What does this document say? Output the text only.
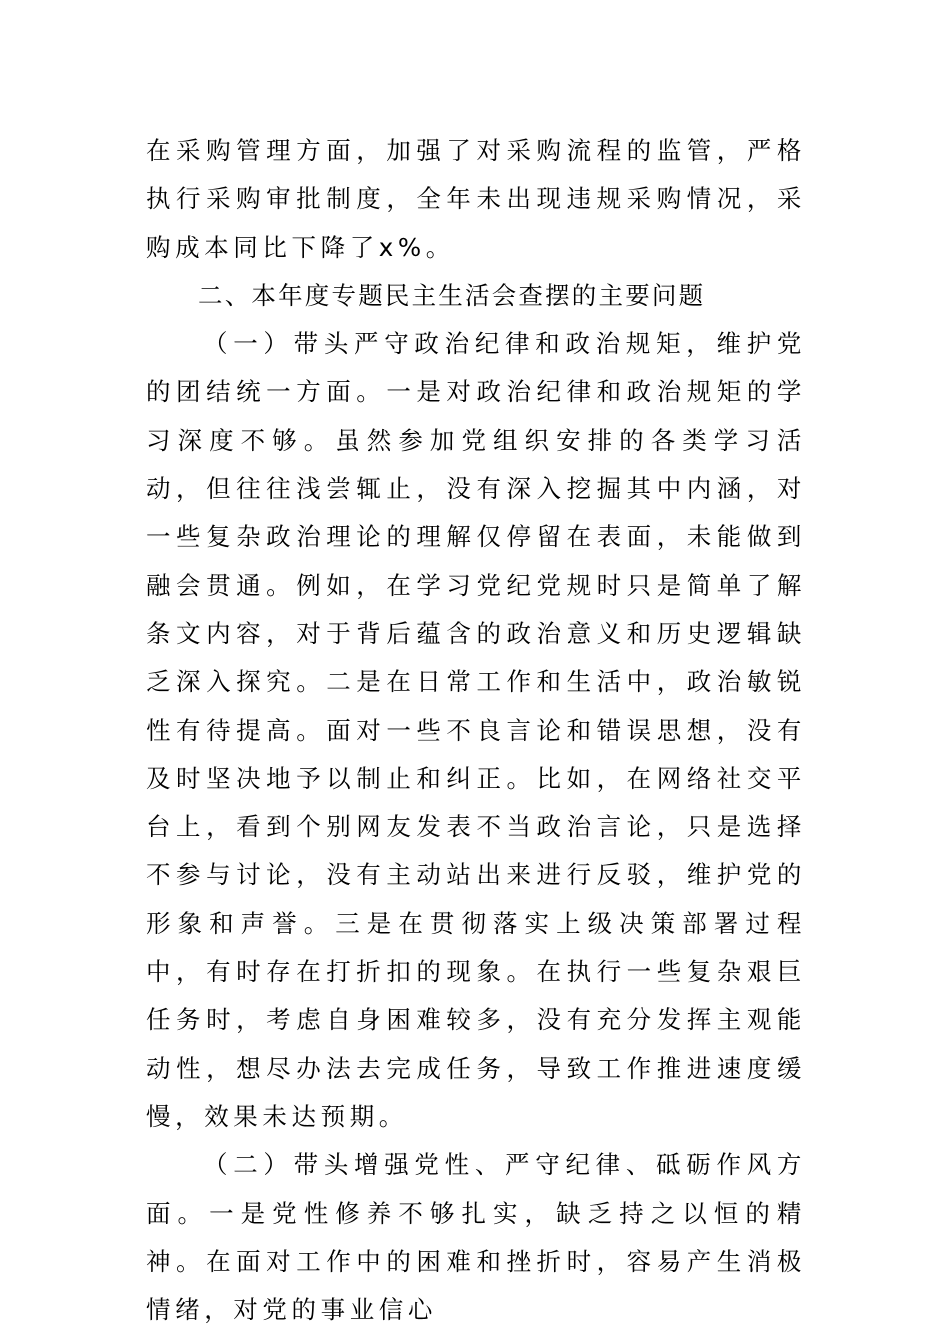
在采购管理方面，加强了对采购流程的监管，严格执行采购审批制度，全年未出现违规采购情况，采购成本同比下降了x%。

二、本年度专题民主生活会查摆的主要问题

（一）带头严守政治纪律和政治规矩，维护党的团结统一方面。一是对政治纪律和政治规矩的学习深度不够。虽然参加党组织安排的各类学习活动，但往往浅尝辄止，没有深入挖掘其中内涵，对一些复杂政治理论的理解仅停留在表面，未能做到融会贯通。例如，在学习党纪党规时只是简单了解条文内容，对于背后蕴含的政治意义和历史逻辑缺乏深入探究。二是在日常工作和生活中，政治敏锐性有待提高。面对一些不良言论和错误思想，没有及时坚决地予以制止和纠正。比如，在网络社交平台上，看到个别网友发表不当政治言论，只是选择不参与讨论，没有主动站出来进行反驳，维护党的形象和声誉。三是在贯彻落实上级决策部署过程中，有时存在打折扣的现象。在执行一些复杂艰巨任务时，考虑自身困难较多，没有充分发挥主观能动性，想尽办法去完成任务，导致工作推进速度缓慢，效果未达预期。

（二）带头增强党性、严守纪律、砥砺作风方面。一是党性修养不够扎实，缺乏持之以恒的精神。在面对工作中的困难和挫折时，容易产生消极情绪，对党的事业信心
